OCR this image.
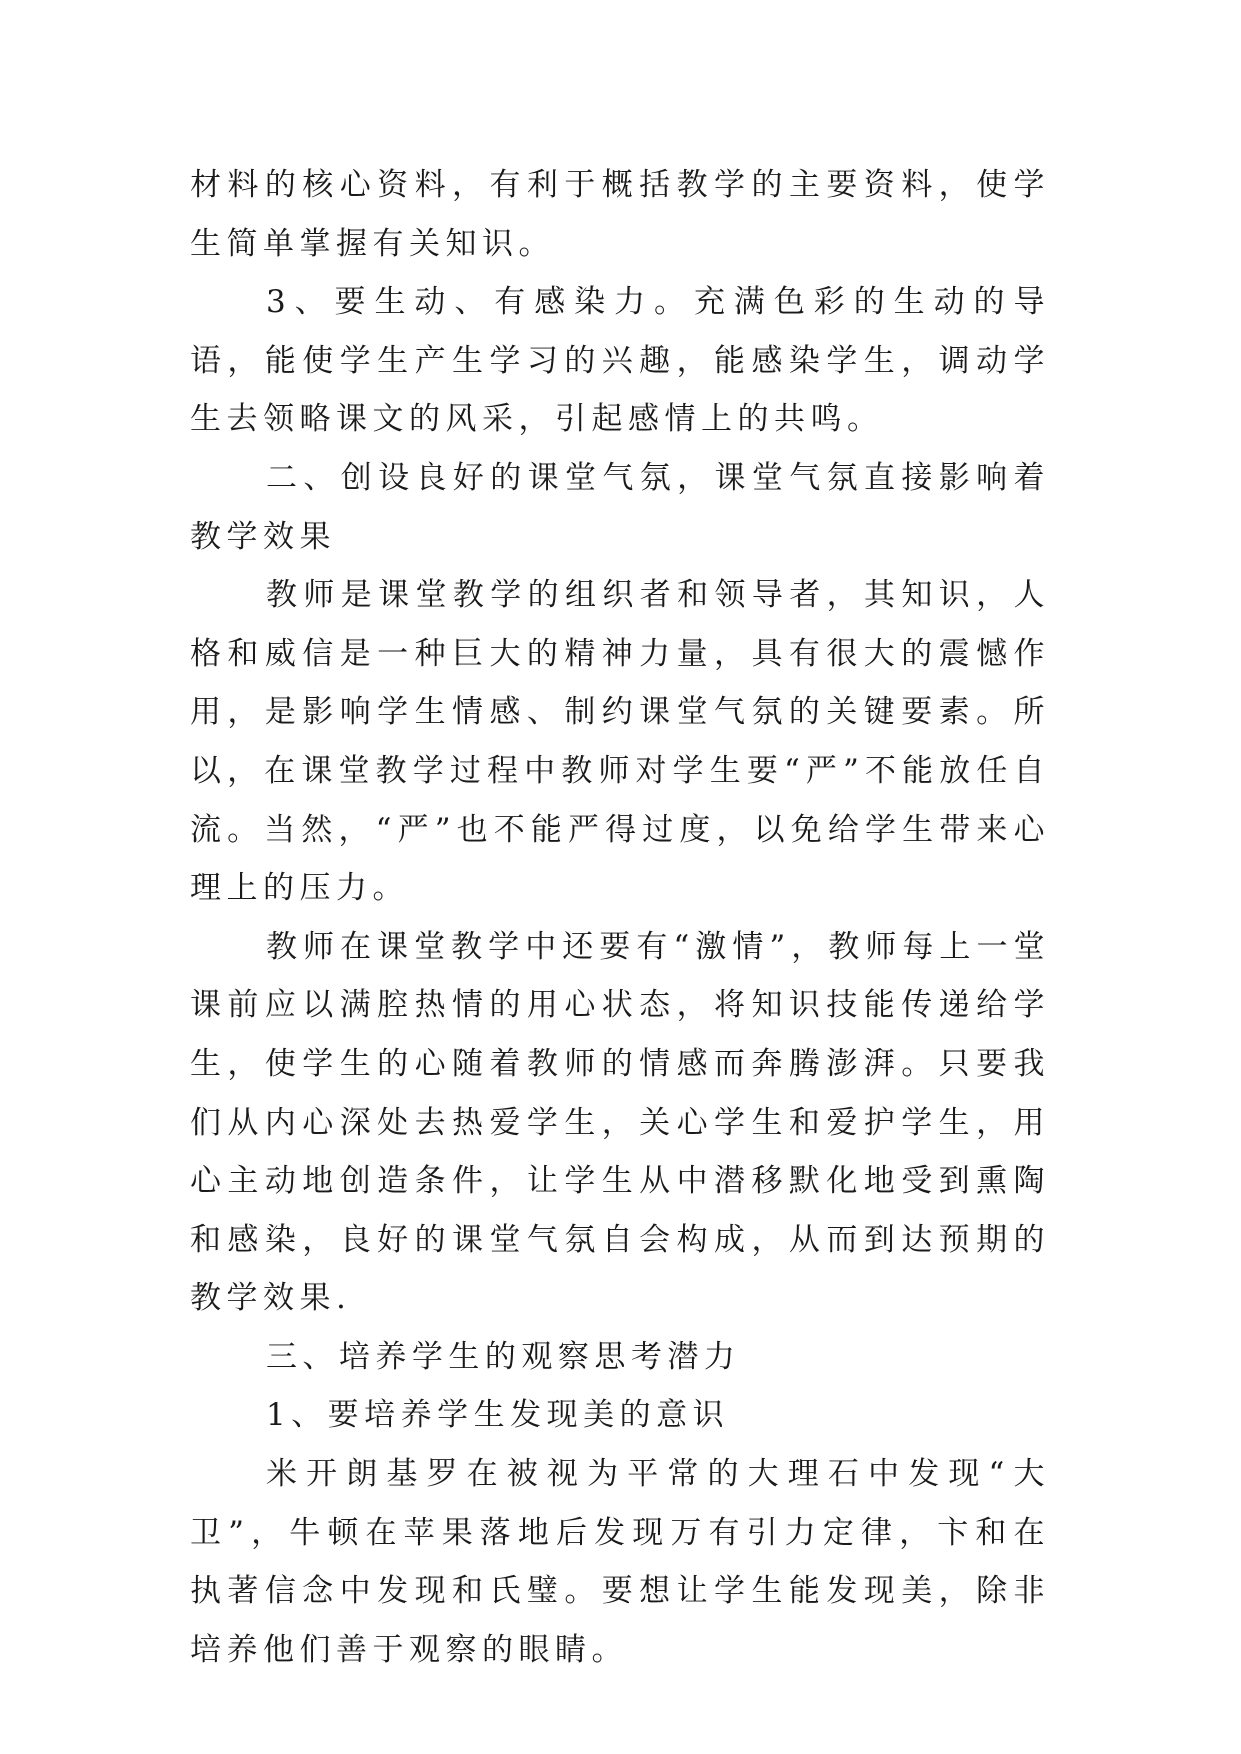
材料的核心资料，有利于概括教学的主要资料，使学生简单掌握有关知识。

3、要生动、有感染力。充满色彩的生动的导语，能使学生产生学习的兴趣，能感染学生，调动学生去领略课文的风采，引起感情上的共鸣。

二、创设良好的课堂气氛，课堂气氛直接影响着教学效果

教师是课堂教学的组织者和领导者，其知识，人格和威信是一种巨大的精神力量，具有很大的震憾作用，是影响学生情感、制约课堂气氛的关键要素。所以，在课堂教学过程中教师对学生要“严”不能放任自流。当然，“严”也不能严得过度，以免给学生带来心理上的压力。

教师在课堂教学中还要有“激情”，教师每上一堂课前应以满腔热情的用心状态，将知识技能传递给学生，使学生的心随着教师的情感而奔腾澎湃。只要我们从内心深处去热爱学生，关心学生和爱护学生，用心主动地创造条件，让学生从中潜移默化地受到熏陶和感染，良好的课堂气氛自会构成，从而到达预期的教学效果.

三、培养学生的观察思考潜力

1、要培养学生发现美的意识

米开朗基罗在被视为平常的大理石中发现“大卫”，牛顿在苹果落地后发现万有引力定律，卞和在执著信念中发现和氏璧。要想让学生能发现美，除非培养他们善于观察的眼睛。
